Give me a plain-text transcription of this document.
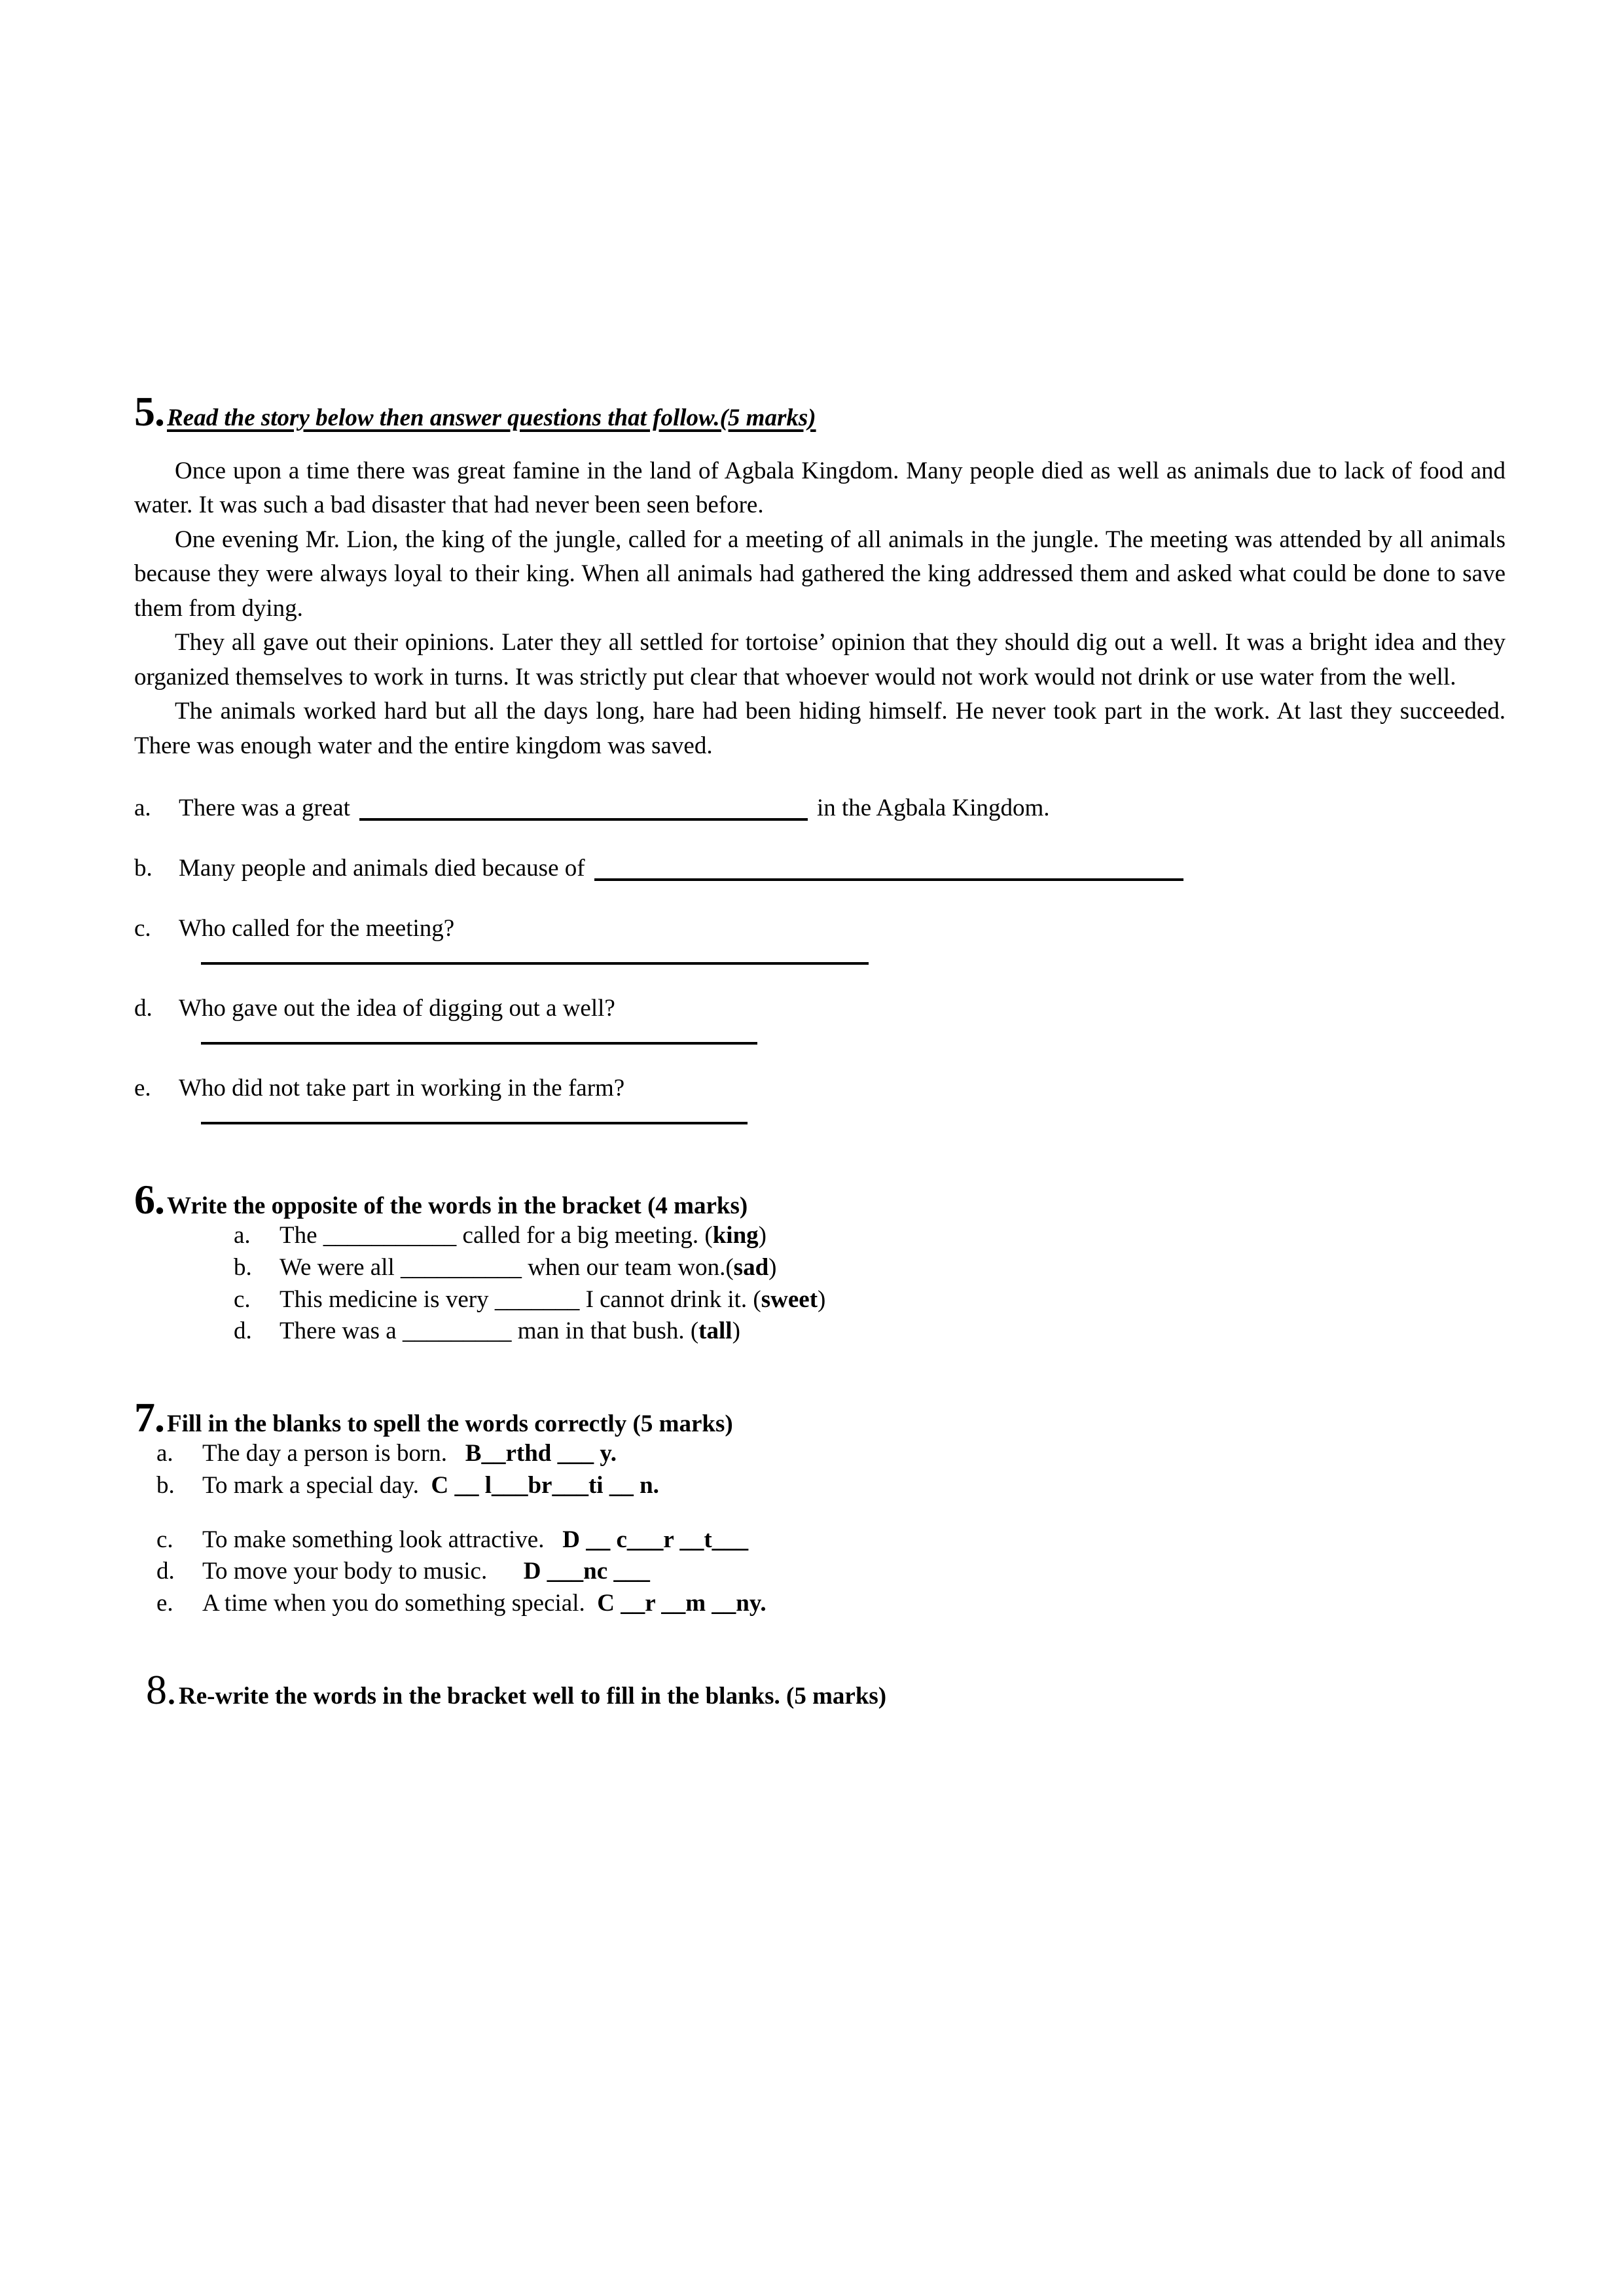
5. Read the story below then answer questions that follow.(5 marks)

Once upon a time there was great famine in the land of Agbala Kingdom. Many people died as well as animals due to lack of food and water. It was such a bad disaster that had never been seen before.

One evening Mr. Lion, the king of the jungle, called for a meeting of all animals in the jungle. The meeting was attended by all animals because they were always loyal to their king. When all animals had gathered the king addressed them and asked what could be done to save them from dying.

They all gave out their opinions. Later they all settled for tortoise’ opinion that they should dig out a well. It was a bright idea and they organized themselves to work in turns. It was strictly put clear that whoever would not work would not drink or use water from the well.

The animals worked hard but all the days long, hare had been hiding himself. He never took part in the work. At last they succeeded. There was enough water and the entire kingdom was saved.

a. There was a great	in the Agbala Kingdom.
b. Many people and animals died because of
c. Who called for the meeting?
d. Who gave out the idea of digging out a well?
e. Who did not take part in working in the farm?
6. Write the opposite of the words in the bracket (4 marks)
a. The ___________ called for a big meeting. (king)
b. We were all __________ when our team won.(sad)
c. This medicine is very _______ I cannot drink it. (sweet)
d. There was a _________ man in that bush. (tall)
7. Fill in the blanks to spell the words correctly (5 marks)
a. The day a person is born. B__rthd ___ y.
b. To mark a special day. C __ l___br___ti __ n.
c. To make something look attractive. D __ c___r __t___
d. To move your body to music. D ___nc ___
e. A time when you do something special. C __r __m __ny.
8. Re-write the words in the bracket well to fill in the blanks. (5 marks)
